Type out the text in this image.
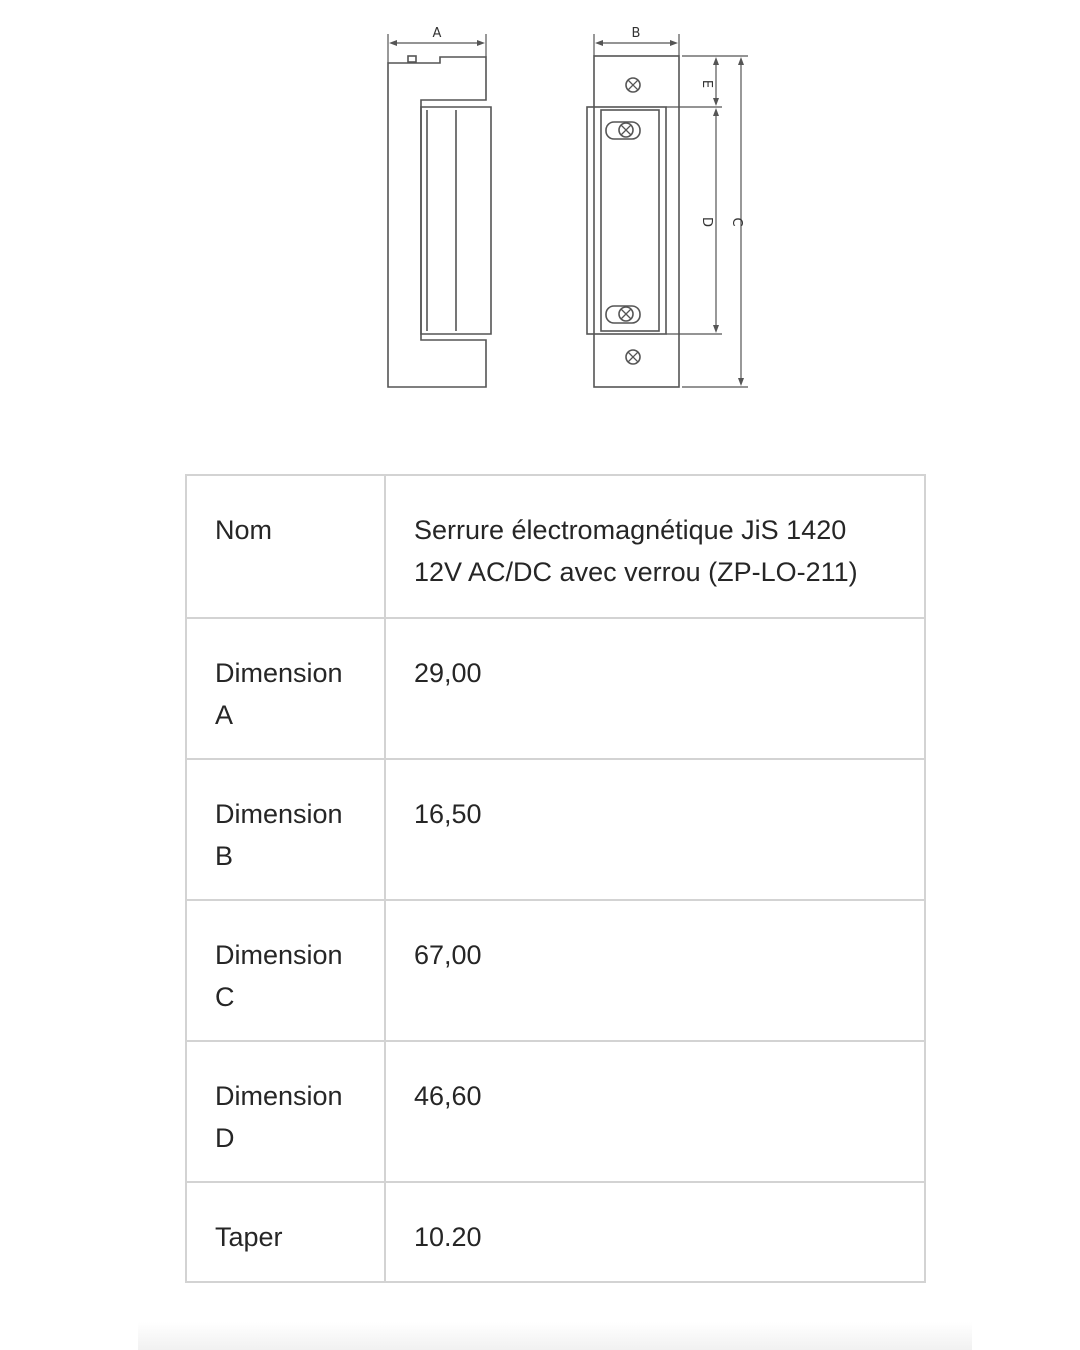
A	B
E
D C
Nom	Serrure électromagnétique JiS 1420 12V AC/DC avec verrou (ZP-LO-211)
Dimension A	29,00
Dimension B	16,50
Dimension C	67,00
Dimension D	46,60
Taper	10.20
